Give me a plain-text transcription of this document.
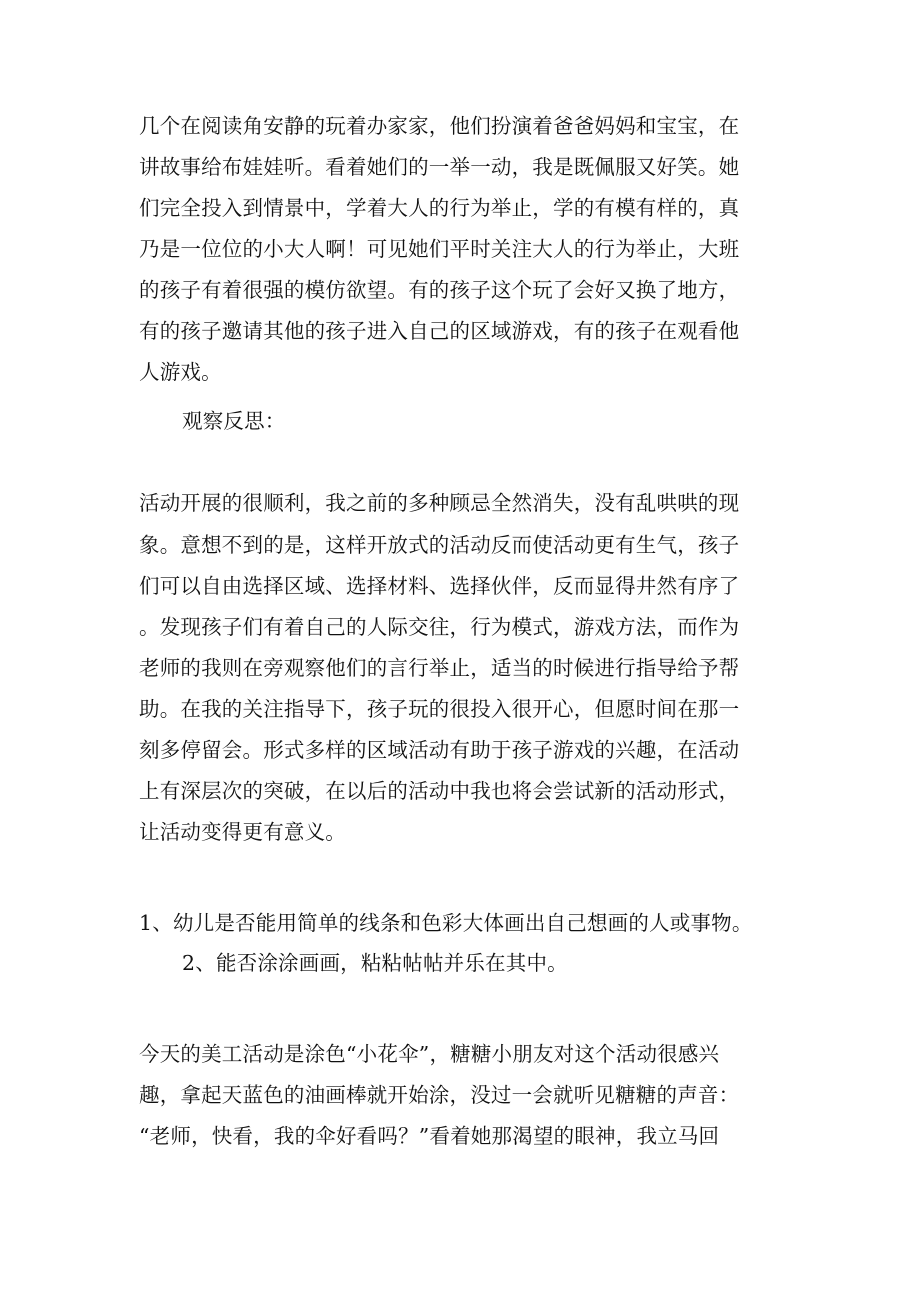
几个在阅读角安静的玩着办家家，他们扮演着爸爸妈妈和宝宝，在
讲故事给布娃娃听。看着她们的一举一动，我是既佩服又好笑。她
们完全投入到情景中，学着大人的行为举止，学的有模有样的，真
乃是一位位的小大人啊！可见她们平时关注大人的行为举止，大班
的孩子有着很强的模仿欲望。有的孩子这个玩了会好又换了地方，
有的孩子邀请其他的孩子进入自己的区域游戏，有的孩子在观看他
人游戏。
观察反思：
活动开展的很顺利，我之前的多种顾忌全然消失，没有乱哄哄的现
象。意想不到的是，这样开放式的活动反而使活动更有生气，孩子
们可以自由选择区域、选择材料、选择伙伴，反而显得井然有序了
。发现孩子们有着自己的人际交往，行为模式，游戏方法，而作为
老师的我则在旁观察他们的言行举止，适当的时候进行指导给予帮
助。在我的关注指导下，孩子玩的很投入很开心，但愿时间在那一
刻多停留会。形式多样的区域活动有助于孩子游戏的兴趣，在活动
上有深层次的突破，在以后的活动中我也将会尝试新的活动形式，
让活动变得更有意义。
1、幼儿是否能用简单的线条和色彩大体画出自己想画的人或事物。
2、能否涂涂画画，粘粘帖帖并乐在其中。
今天的美工活动是涂色“小花伞”，糖糖小朋友对这个活动很感兴
趣，拿起天蓝色的油画棒就开始涂，没过一会就听见糖糖的声音：
“老师，快看，我的伞好看吗？”看着她那渴望的眼神，我立马回
